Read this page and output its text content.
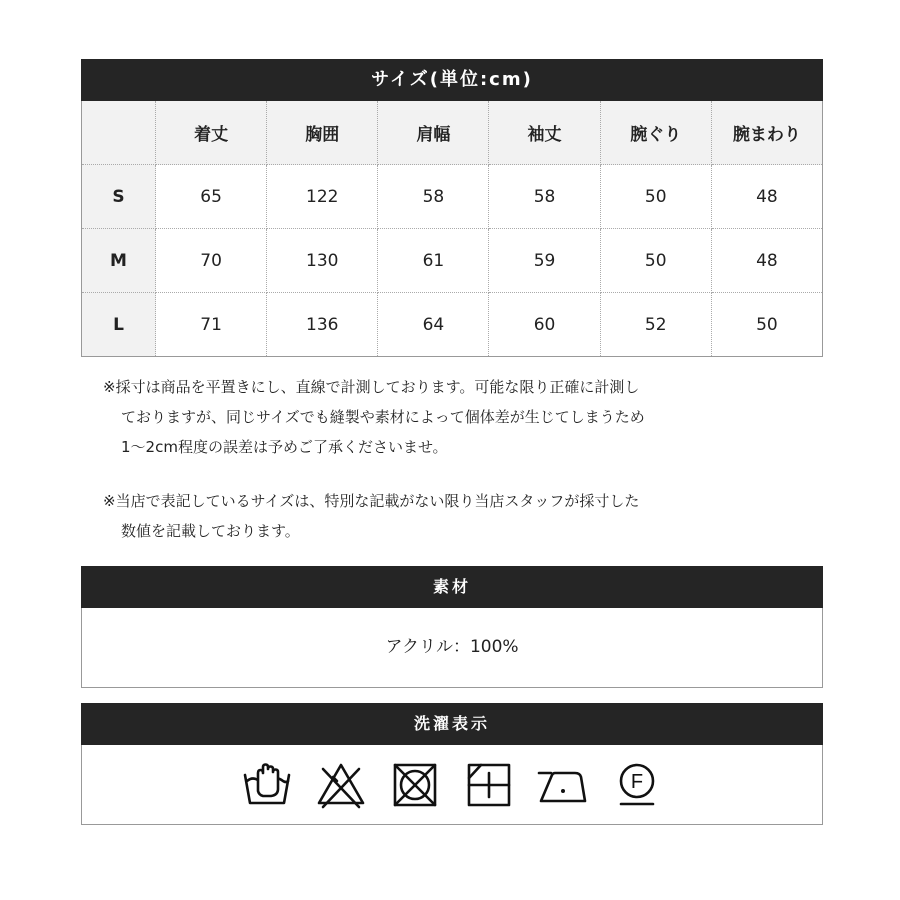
サイズ(単位:cm)
	着丈	胸囲	肩幅	袖丈	腕ぐり	腕まわり
S	65	122	58	58	50	48
M	70	130	61	59	50	48
L	71	136	64	60	52	50
※採寸は商品を平置きにし、直線で計測しております。可能な限り正確に計測し
ておりますが、同じサイズでも縫製や素材によって個体差が生じてしまうため
1～2cm程度の誤差は予めご了承くださいませ。
※当店で表記しているサイズは、特別な記載がない限り当店スタッフが採寸した
数値を記載しております。
素材
アクリル：100%
洗濯表示
F
